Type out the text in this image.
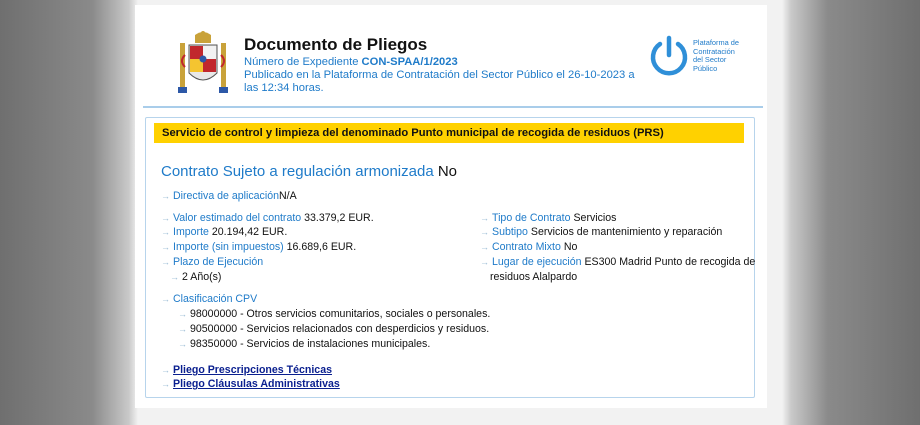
Documento de Pliegos
Número de Expediente CON-SPAA/1/2023
Publicado en la Plataforma de Contratación del Sector Público el 26-10-2023 a
las 12:34 horas.
Plataforma de
Contratación
del Sector
Público
Servicio de control y limpieza del denominado Punto municipal de recogida de residuos (PRS)
Contrato Sujeto a regulación armonizada No
→ Directiva de aplicaciónN/A
→ Valor estimado del contrato 33.379,2 EUR.
→ Importe 20.194,42 EUR.
→ Importe (sin impuestos) 16.689,6 EUR.
→ Plazo de Ejecución
→ 2 Año(s)
→ Tipo de Contrato Servicios
→ Subtipo Servicios de mantenimiento y reparación
→ Contrato Mixto No
→ Lugar de ejecución ES300 Madrid Punto de recogida de
residuos Alalpardo
→ Clasificación CPV
→ 98000000 - Otros servicios comunitarios, sociales o personales.
→ 90500000 - Servicios relacionados con desperdicios y residuos.
→ 98350000 - Servicios de instalaciones municipales.
→ Pliego Prescripciones Técnicas
→ Pliego Cláusulas Administrativas
